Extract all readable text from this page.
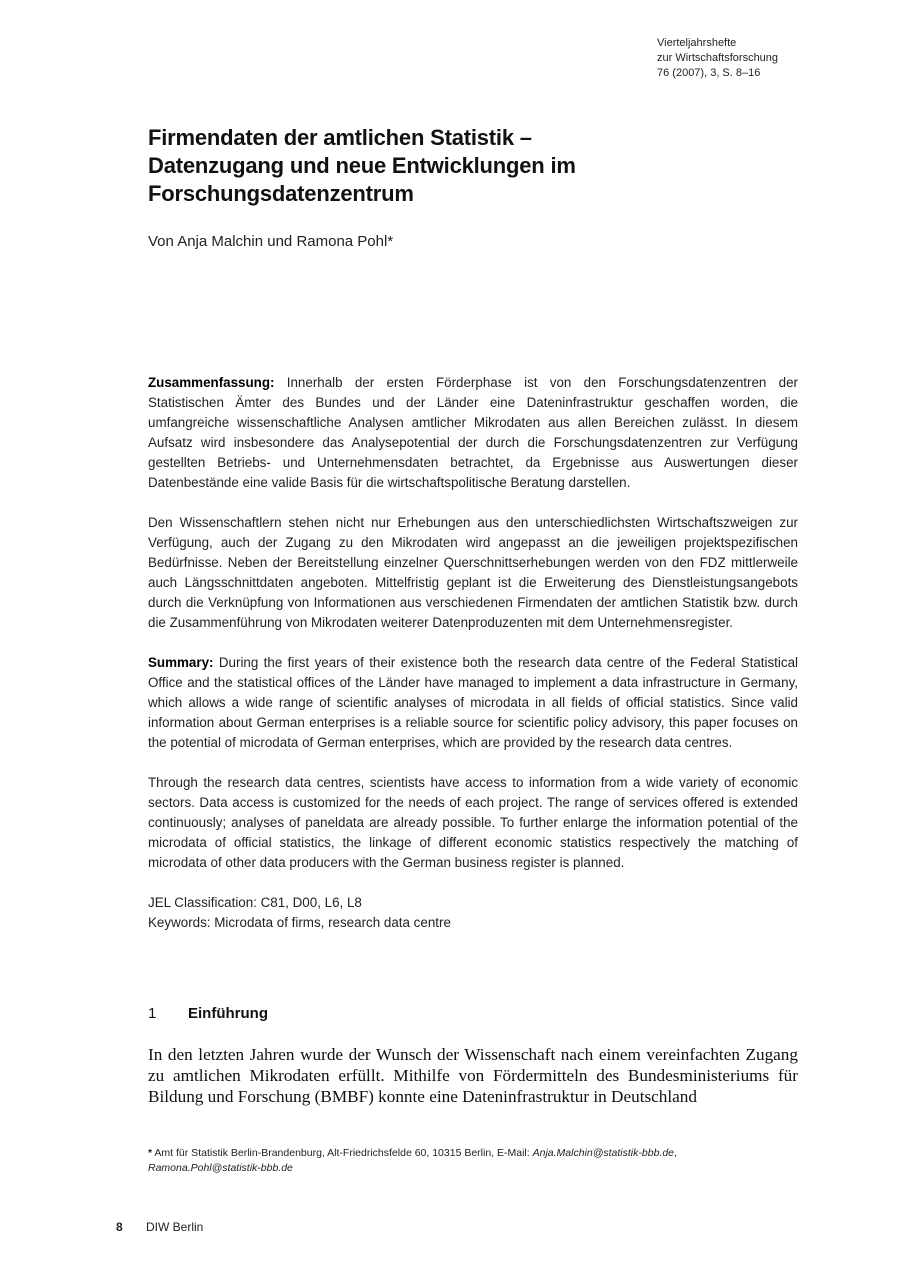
Vierteljahrshefte
zur Wirtschaftsforschung
76 (2007), 3, S. 8–16
Firmendaten der amtlichen Statistik –
Datenzugang und neue Entwicklungen im
Forschungsdatenzentrum
Von Anja Malchin und Ramona Pohl*

Zusammenfassung: Innerhalb der ersten Förderphase ist von den Forschungsdatenzentren der Statistischen Ämter des Bundes und der Länder eine Dateninfrastruktur geschaffen worden, die umfangreiche wissenschaftliche Analysen amtlicher Mikrodaten aus allen Bereichen zulässt. In diesem Aufsatz wird insbesondere das Analysepotential der durch die Forschungsdatenzentren zur Verfügung gestellten Betriebs- und Unternehmensdaten betrachtet, da Ergebnisse aus Auswertungen dieser Datenbestände eine valide Basis für die wirtschaftspolitische Beratung darstellen.

Den Wissenschaftlern stehen nicht nur Erhebungen aus den unterschiedlichsten Wirtschaftszweigen zur Verfügung, auch der Zugang zu den Mikrodaten wird angepasst an die jeweiligen projektspezifischen Bedürfnisse. Neben der Bereitstellung einzelner Querschnittserhebungen werden von den FDZ mittlerweile auch Längsschnittdaten angeboten. Mittelfristig geplant ist die Erweiterung des Dienstleistungsangebots durch die Verknüpfung von Informationen aus verschiedenen Firmendaten der amtlichen Statistik bzw. durch die Zusammenführung von Mikrodaten weiterer Datenproduzenten mit dem Unternehmensregister.

Summary: During the first years of their existence both the research data centre of the Federal Statistical Office and the statistical offices of the Länder have managed to implement a data infrastructure in Germany, which allows a wide range of scientific analyses of microdata in all fields of official statistics. Since valid information about German enterprises is a reliable source for scientific policy advisory, this paper focuses on the potential of microdata of German enterprises, which are provided by the research data centres.

Through the research data centres, scientists have access to information from a wide variety of economic sectors. Data access is customized for the needs of each project. The range of services offered is extended continuously; analyses of paneldata are already possible. To further enlarge the information potential of the microdata of official statistics, the linkage of different economic statistics respectively the matching of microdata of other data producers with the German business register is planned.

JEL Classification: C81, D00, L6, L8
Keywords: Microdata of firms, research data centre
1 Einführung

In den letzten Jahren wurde der Wunsch der Wissenschaft nach einem vereinfachten Zugang zu amtlichen Mikrodaten erfüllt. Mithilfe von Fördermitteln des Bundesministeriums für Bildung und Forschung (BMBF) konnte eine Dateninfrastruktur in Deutschland

* Amt für Statistik Berlin-Brandenburg, Alt-Friedrichsfelde 60, 10315 Berlin, E-Mail: Anja.Malchin@statistik-bbb.de, Ramona.Pohl@statistik-bbb.de
8 DIW Berlin
